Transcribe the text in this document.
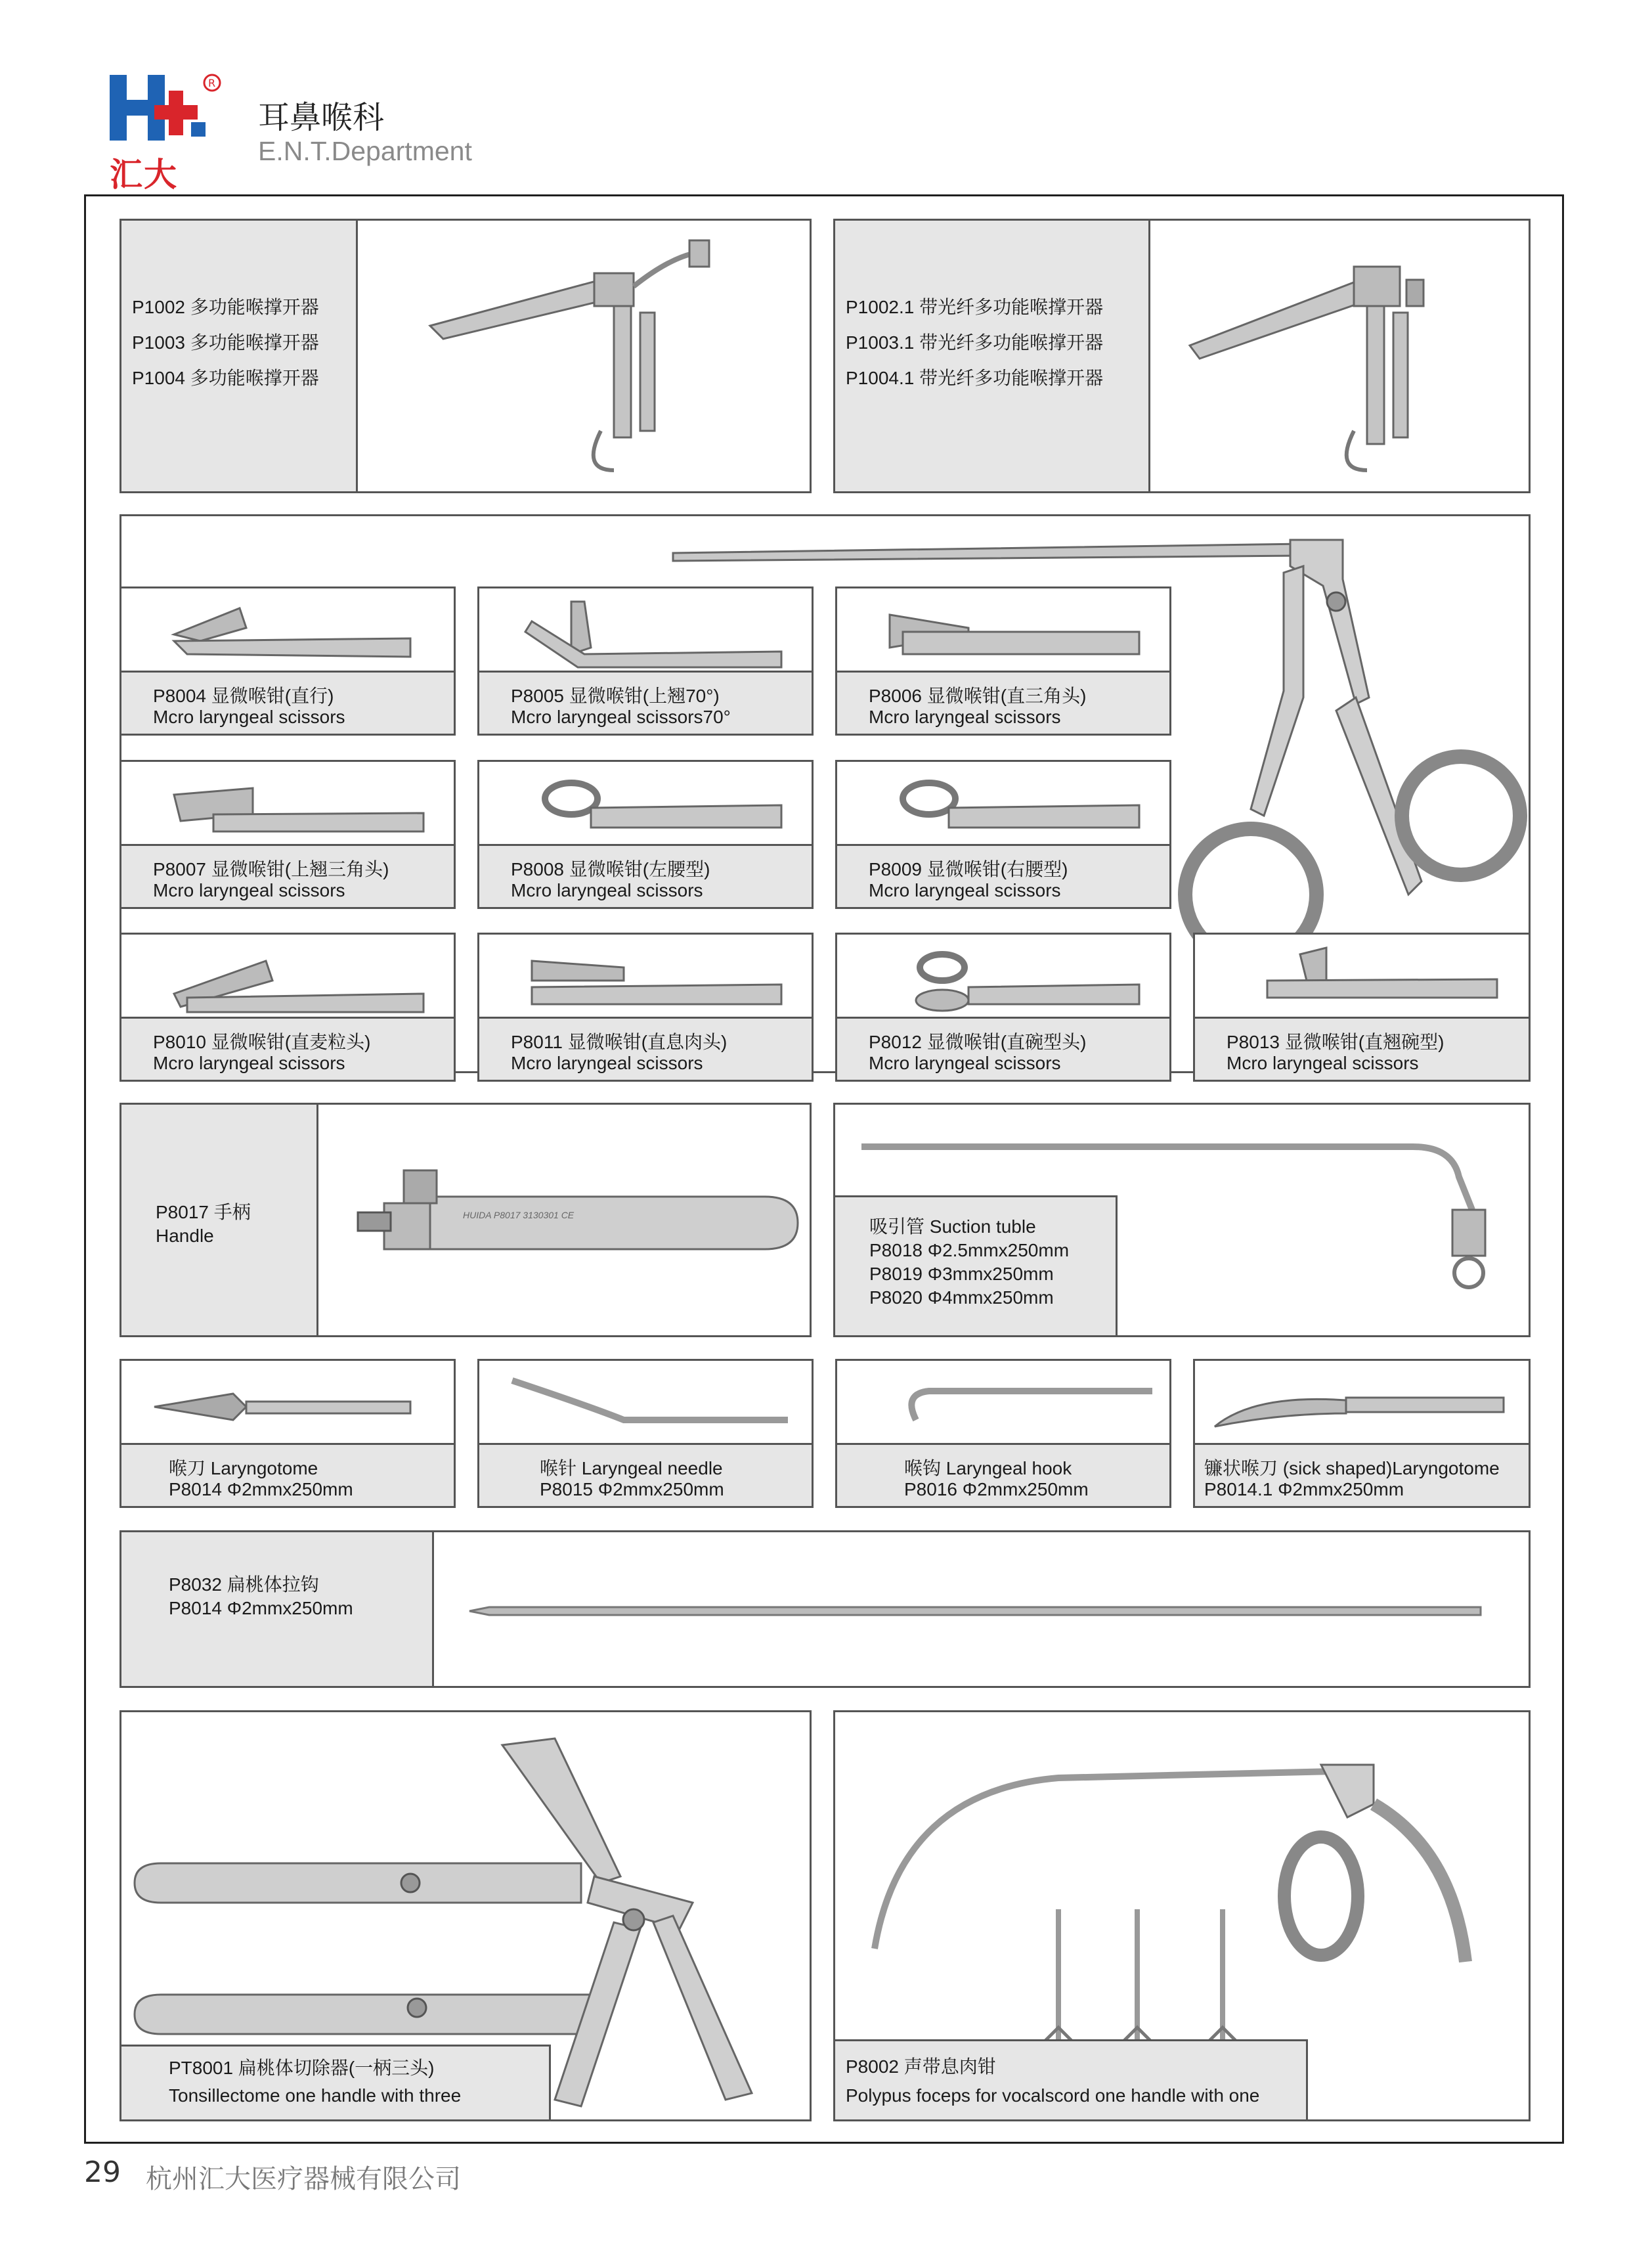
R
汇大
耳鼻喉科
E.N.T.Department
P1002 多功能喉撑开器
P1003 多功能喉撑开器
P1004 多功能喉撑开器
P1002.1 带光纤多功能喉撑开器
P1003.1 带光纤多功能喉撑开器
P1004.1 带光纤多功能喉撑开器
P8004 显微喉钳(直行)
Mcro laryngeal scissors
P8005 显微喉钳(上翘70°)
Mcro laryngeal scissors70°
P8006 显微喉钳(直三角头)
Mcro laryngeal scissors
P8007 显微喉钳(上翘三角头)
Mcro laryngeal scissors
P8008 显微喉钳(左腰型)
Mcro laryngeal scissors
P8009 显微喉钳(右腰型)
Mcro laryngeal scissors
P8010 显微喉钳(直麦粒头)
Mcro laryngeal scissors
P8011 显微喉钳(直息肉头)
Mcro laryngeal scissors
P8012 显微喉钳(直碗型头)
Mcro laryngeal scissors
P8013 显微喉钳(直翘碗型)
Mcro laryngeal scissors
P8017 手柄
Handle
HUIDA P8017 3130301 CE
吸引管 Suction tuble
P8018 Φ2.5mmx250mm
P8019 Φ3mmx250mm
P8020 Φ4mmx250mm
喉刀 Laryngotome
P8014 Φ2mmx250mm
喉针 Laryngeal needle
P8015 Φ2mmx250mm
喉钩 Laryngeal hook
P8016 Φ2mmx250mm
镰状喉刀 (sick shaped)Laryngotome
P8014.1 Φ2mmx250mm
P8032 扁桃体拉钩
P8014 Φ2mmx250mm
PT8001 扁桃体切除器(一柄三头)
Tonsillectome one handle with three
P8002 声带息肉钳
Polypus foceps for vocalscord one handle with one
29 杭州汇大医疗器械有限公司
